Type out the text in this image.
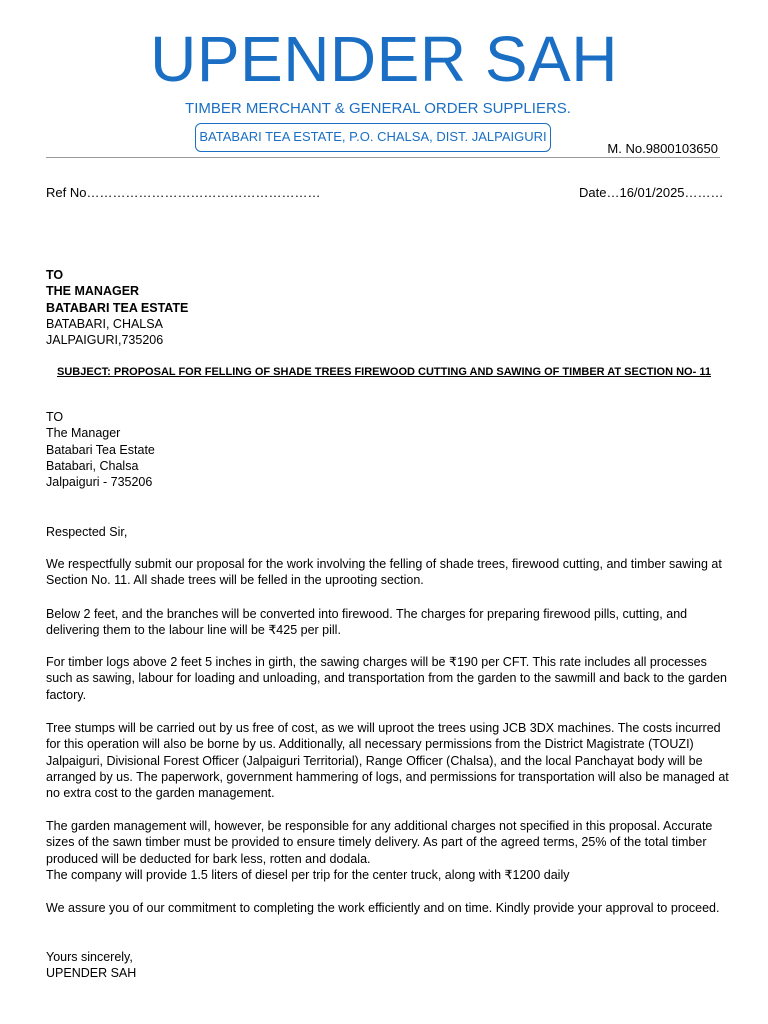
UPENDER SAH
TIMBER MERCHANT & GENERAL ORDER SUPPLIERS.
BATABARI TEA ESTATE, P.O. CHALSA, DIST. JALPAIGURI
M. No.9800103650
Ref No………………………………………………	Date…16/01/2025………
TO
THE MANAGER
BATABARI TEA ESTATE
BATABARI, CHALSA
JALPAIGURI,735206
SUBJECT: PROPOSAL FOR FELLING OF SHADE TREES FIREWOOD CUTTING AND SAWING OF TIMBER AT SECTION NO- 11
TO
The Manager
Batabari Tea Estate
Batabari, Chalsa
Jalpaiguri - 735206

Respected Sir,

We respectfully submit our proposal for the work involving the felling of shade trees, firewood cutting, and timber sawing at Section No. 11. All shade trees will be felled in the uprooting section.

Below 2 feet, and the branches will be converted into firewood. The charges for preparing firewood pills, cutting, and delivering them to the labour line will be ₹425 per pill.

For timber logs above 2 feet 5 inches in girth, the sawing charges will be ₹190 per CFT. This rate includes all processes such as sawing, labour for loading and unloading, and transportation from the garden to the sawmill and back to the garden factory.

Tree stumps will be carried out by us free of cost, as we will uproot the trees using JCB 3DX machines. The costs incurred for this operation will also be borne by us. Additionally, all necessary permissions from the District Magistrate (TOUZI) Jalpaiguri, Divisional Forest Officer (Jalpaiguri Territorial), Range Officer (Chalsa), and the local Panchayat body will be arranged by us. The paperwork, government hammering of logs, and permissions for transportation will also be managed at no extra cost to the garden management.

The garden management will, however, be responsible for any additional charges not specified in this proposal. Accurate sizes of the sawn timber must be provided to ensure timely delivery. As part of the agreed terms, 25% of the total timber produced will be deducted for bark less, rotten and dodala.

The company will provide 1.5 liters of diesel per trip for the center truck, along with ₹1200 daily

We assure you of our commitment to completing the work efficiently and on time. Kindly provide your approval to proceed.

Yours sincerely,

UPENDER SAH
